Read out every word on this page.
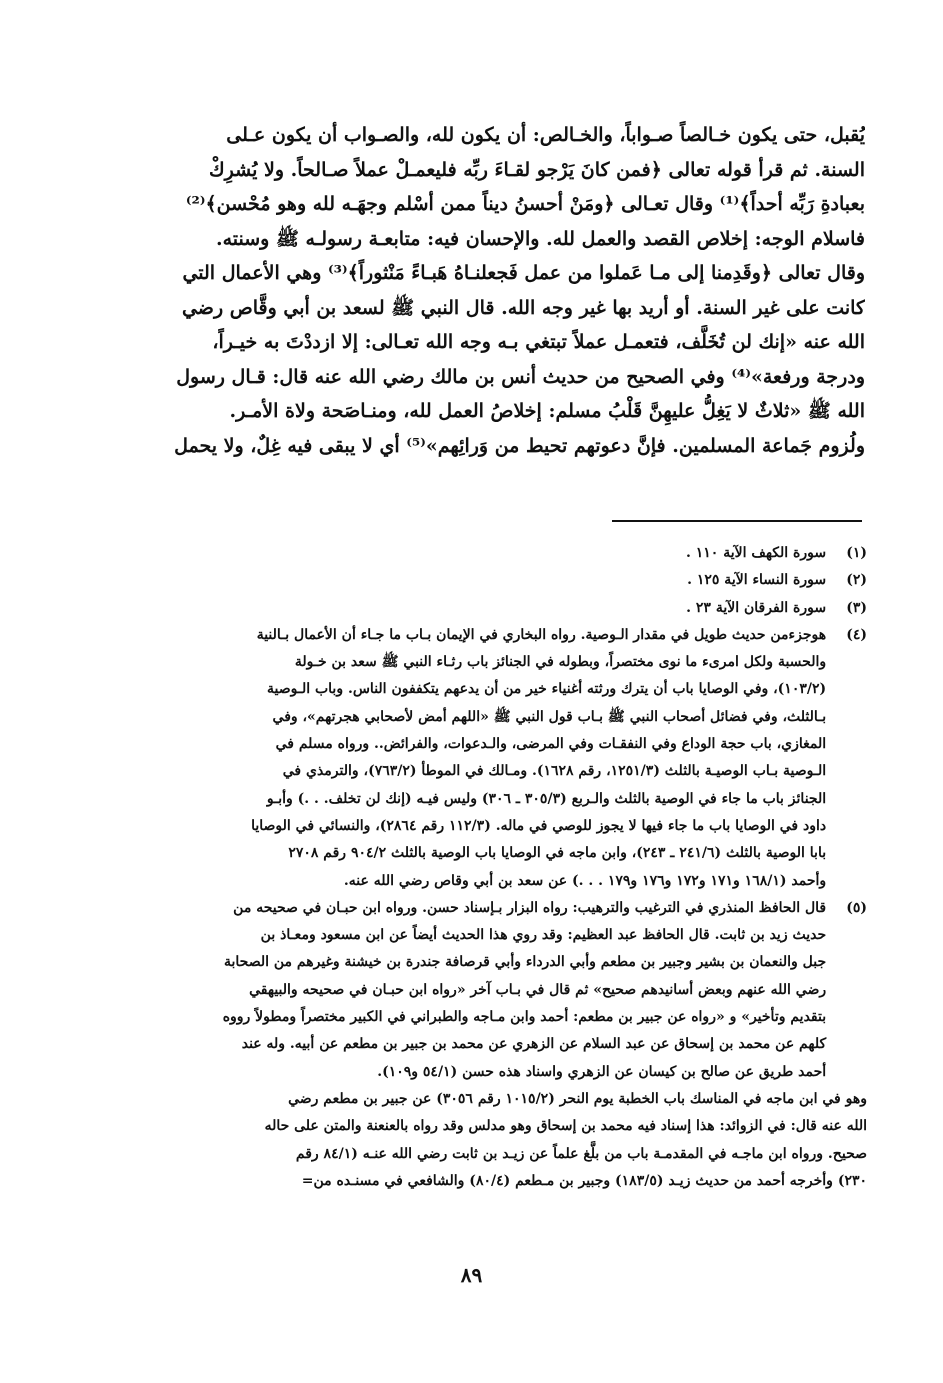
يُقبل، حتى يكون خـالصاً صـواباً، والخـالص: أن يكون لله، والصـواب أن يكون عـلى
السنة. ثم قرأ قوله تعالى ﴿فمن كانَ يَرْجو لقـاءَ ربِّه فليعمـلْ عملاً صـالحاً. ولا يُشرِكْ
بعبادةِ رَبِّه أحداً﴾⁽¹⁾ وقال تعـالى ﴿ومَنْ أحسنُ ديناً ممن أسْلم وجهَـه لله وهو مُحْسن﴾⁽²⁾
فاسلام الوجه: إخلاص القصد والعمل لله. والإحسان فيه: متابعـة رسولـه ﷺ وسنته.
وقال تعالى ﴿وقَدِمنا إلى مـا عَملوا من عمل فَجعلنـاهُ هَبـاءً مَنْثوراً﴾⁽³⁾ وهي الأعمال التي
كانت على غير السنة. أو أريد بها غير وجه الله. قال النبي ﷺ لسعد بن أبي وقَّاص رضي
الله عنه «إنك لن تُخَلَّف، فتعمـل عملاً تبتغي بـه وجه الله تعـالى: إلا ازددْتَ به خيـراً،
ودرجة ورفعة»⁽⁴⁾ وفي الصحيح من حديث أنس بن مالك رضي الله عنه قال: قـال رسول
الله ﷺ «ثلاثٌ لا يَغِلُّ عليهِنَّ قَلْبُ مسلم: إخلاصُ العمل لله، ومنـاصَحة ولاة الأمـر.
ولُزوم جَماعة المسلمين. فإنَّ دعوتهم تحيط من وَرائِهم»⁽⁵⁾ أي لا يبقى فيه غِلٌ، ولا يحمل
(١) سورة الكهف الآية ١١٠ .
(٢) سورة النساء الآية ١٢٥ .
(٣) سورة الفرقان الآية ٢٣ .
(٤) هوجزءمن حديث طويل في مقدار الـوصية. رواه البخاري في الإيمان بـاب ما جـاء أن الأعمال بـالنية
والحسبة ولكل امرىء ما نوى مختصراً، وبطوله في الجنائز باب رثـاء النبي ﷺ سعد بن خـولة
(١٠٣/٢)، وفي الوصايا باب أن يترك ورثته أغنياء خير من أن يدعهم يتكففون الناس. وباب الـوصية
بـالثلث، وفي فضائل أصحاب النبي ﷺ بـاب قول النبي ﷺ «اللهم أمض لأصحابي هجرتهم»، وفي
المغازي، باب حجة الوداع وفي النفقـات وفي المرضى، والـدعوات، والفرائض.. ورواه مسلم في
الـوصية بـاب الوصيـة بالثلث (١٢٥١/٣، رقم ١٦٢٨). ومـالك في الموطأ (٧٦٣/٢)، والترمذي في
الجنائز باب ما جاء في الوصية بالثلث والـربع (٣٠٥/٣ ـ ٣٠٦) وليس فيـه (إنك لن تخلف. . .) وأبـو
داود في الوصايا باب ما جاء فيها لا يجوز للوصي في ماله. (١١٢/٣ رقم ٢٨٦٤)، والنسائي في الوصايا
بابا الوصية بالثلث (٢٤١/٦ ـ ٢٤٣)، وابن ماجه في الوصايا باب الوصية بالثلث ٩٠٤/٢ رقم ٢٧٠٨
وأحمد (١٦٨/١ و١٧١ و١٧٢ و١٧٦ و١٧٩ . . .) عن سعد بن أبي وقاص رضي الله عنه.
(٥) قال الحافظ المنذري في الترغيب والترهيب: رواه البزار بـإسناد حسن. ورواه ابن حبـان في صحيحه من
حديث زيد بن ثابت. قال الحافظ عبد العظيم: وقد روي هذا الحديث أيضاً عن ابن مسعود ومعـاذ بن
جبل والنعمان بن بشير وجبير بن مطعم وأبي الدرداء وأبي قرصافة جندرة بن خيشنة وغيرهم من الصحابة
رضي الله عنهم وبعض أسانيدهم صحيح» ثم قال في بـاب آخر «رواه ابن حبـان في صحيحه والبيهقي
بتقديم وتأخير» و «رواه عن جبير بن مطعم: أحمد وابن مـاجه والطبراني في الكبير مختصراً ومطولاً رووه
كلهم عن محمد بن إسحاق عن عبد السلام عن الزهري عن محمد بن جبير بن مطعم عن أبيه. وله عند
أحمد طريق عن صالح بن كيسان عن الزهري واسناد هذه حسن (٥٤/١ و١٠٩).
وهو في ابن ماجه في المناسك باب الخطبة يوم النحر (١٠١٥/٢ رقم ٣٠٥٦) عن جبير بن مطعم رضي
الله عنه قال: في الزوائد: هذا إسناد فيه محمد بن إسحاق وهو مدلس وقد رواه بالعنعنة والمتن على حاله
صحيح. ورواه ابن ماجـه في المقدمـة باب من بلَّغ علماً عن زيـد بن ثابت رضي الله عنـه (٨٤/١ رقم
٢٣٠) وأخرجه أحمد من حديث زيـد (١٨٣/٥) وجبير بن مـطعم (٨٠/٤) والشافعي في مسنـده من=
٨٩
